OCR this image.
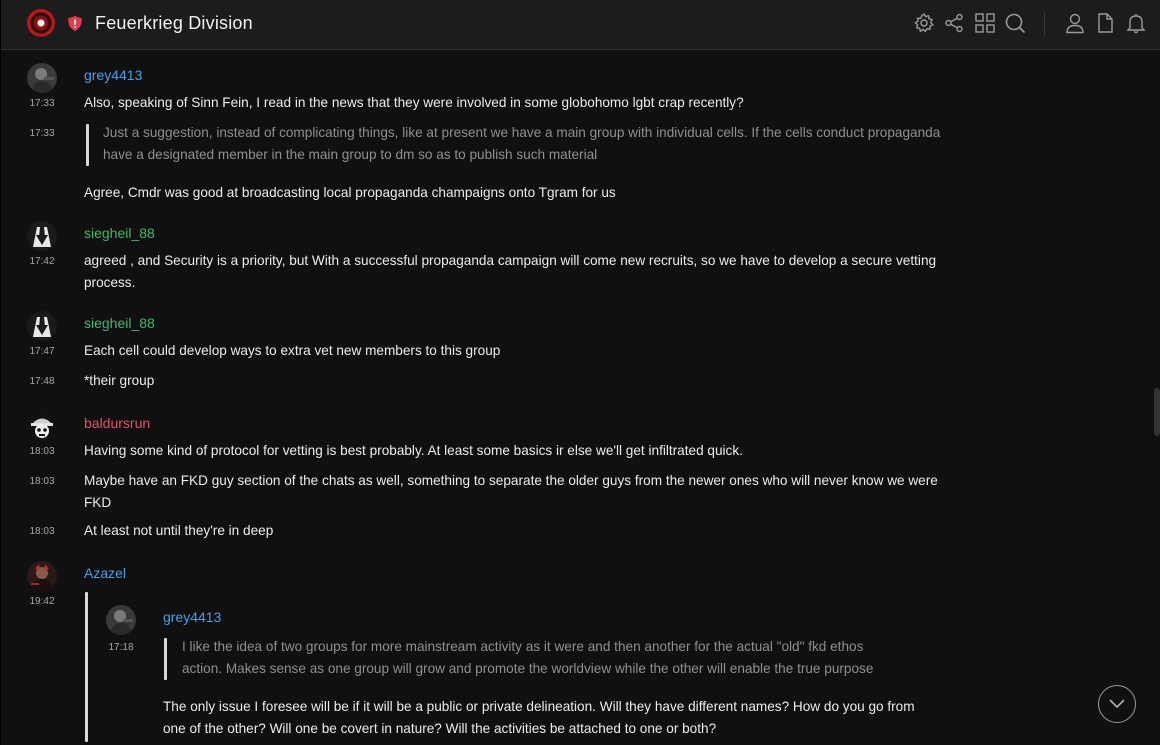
Feuerkrieg Division
grey4413
17:33	Also, speaking of Sinn Fein, I read in the news that they were involved in some globohomo lgbt crap recently?
17:33	Just a suggestion, instead of complicating things, like at present we have a main group with individual cells. If the cells conduct propaganda
have a designated member in the main group to dm so as to publish such material
Agree, Cmdr was good at broadcasting local propaganda champaigns onto Tgram for us
siegheil_88
17:42	agreed , and Security is a priority, but With a successful propaganda campaign will come new recruits, so we have to develop a secure vetting
process.
siegheil_88
17:47	Each cell could develop ways to extra vet new members to this group
17:48	*their group
baldursrun
18:03	Having some kind of protocol for vetting is best probably. At least some basics ir else we'll get infiltrated quick.
18:03	Maybe have an FKD guy section of the chats as well, something to separate the older guys from the newer ones who will never know we were
FKD
18:03	At least not until they're in deep
Azazel
19:42
grey4413
17:18	I like the idea of two groups for more mainstream activity as it were and then another for the actual "old" fkd ethos
action. Makes sense as one group will grow and promote the worldview while the other will enable the true purpose
The only issue I foresee will be if it will be a public or private delineation. Will they have different names? How do you go from
one of the other? Will one be covert in nature? Will the activities be attached to one or both?
